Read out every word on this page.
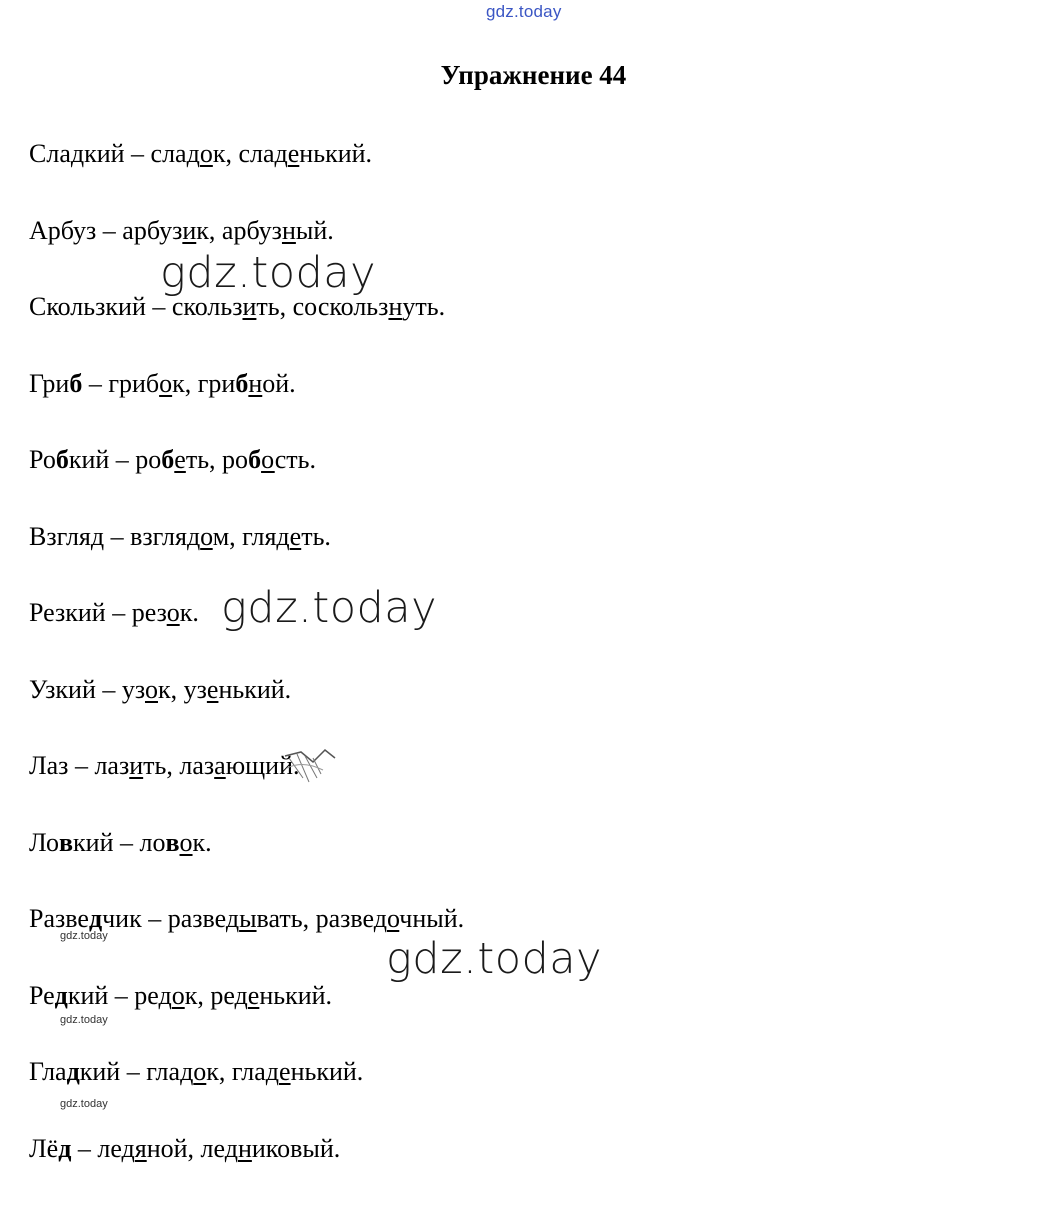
gdz.today
Упражнение 44
Сладкий – сладок, сладенький.
Арбуз – арбузик, арбузный.
Скользкий – скользить, соскользнуть.
Гриб – грибок, грибной.
Робкий – робеть, робость.
Взгляд – взглядом, глядеть.
Резкий – резок.
Узкий – узок, узенький.
Лаз – лазить, лазающий.
Ловкий – ловок.
Разведчик – разведывать, разведочный.
Редкий – редок, реденький.
Гладкий – гладок, гладенький.
Лёд – ледяной, ледниковый.
gdz.today
gdz.today
gdz.today
gdz.today
gdz.today
gdz.today
